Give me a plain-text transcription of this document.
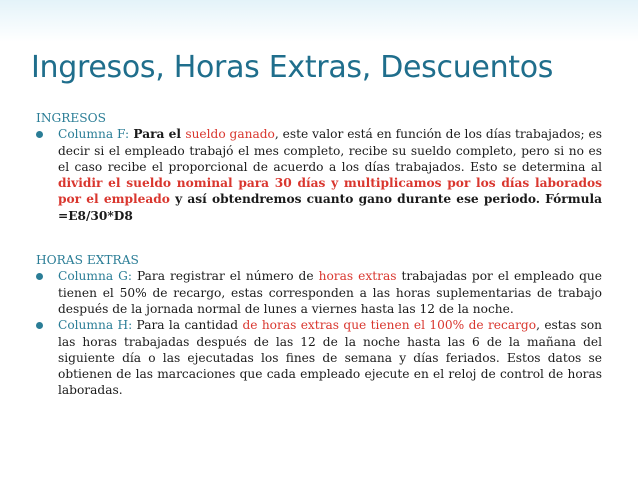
Ingresos, Horas Extras, Descuentos

INGRESOS

Columna F: Para el sueldo ganado, este valor está en función de los días trabajados; es decir si el empleado trabajó el mes completo, recibe su sueldo completo, pero si no es el caso recibe el proporcional de acuerdo a los días trabajados. Esto se determina al dividir el sueldo nominal para 30 días y multiplicamos por los días laborados por el empleado y así obtendremos cuanto gano durante ese periodo. Fórmula =E8/30*D8

HORAS EXTRAS

Columna G: Para registrar el número de horas extras trabajadas por el empleado que tienen el 50% de recargo, estas corresponden a las horas suplementarias de trabajo después de la jornada normal de lunes a viernes hasta las 12 de la noche.

Columna H: Para la cantidad de horas extras que tienen el 100% de recargo, estas son las horas trabajadas después de las 12 de la noche hasta las 6 de la mañana del siguiente día o las ejecutadas los fines de semana y días feriados. Estos datos se obtienen de las marcaciones que cada empleado ejecute en el reloj de control de horas laboradas.
